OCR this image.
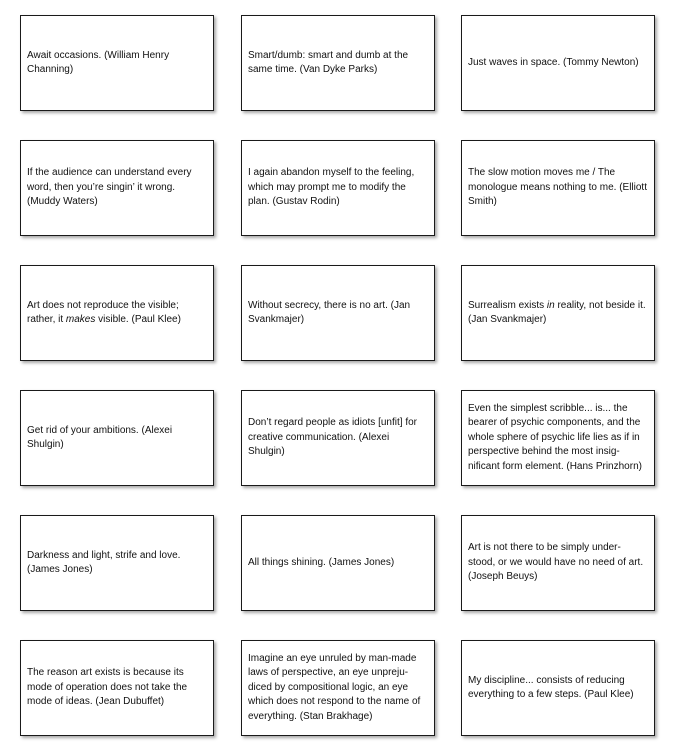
Await occasions. (William Henry Channing)

Smart/dumb: smart and dumb at the same time. (Van Dyke Parks)

Just waves in space. (Tommy Newton)

If the audience can understand every word, then you’re singin’ it wrong. (Muddy Waters)

I again abandon myself to the feeling, which may prompt me to modify the plan. (Gustav Rodin)

The slow motion moves me / The monologue means nothing to me. (Elliott Smith)

Art does not reproduce the visible; rather, it makes visible. (Paul Klee)

Without secrecy, there is no art. (Jan Svankmajer)

Surrealism exists in reality, not beside it. (Jan Svankmajer)

Get rid of your ambitions. (Alexei Shulgin)

Don’t regard people as idiots [unfit] for creative communication. (Alexei Shulgin)

Even the simplest scribble... is... the bearer of psychic components, and the whole sphere of psychic life lies as if in perspective behind the most insig-nificant form element. (Hans Prinzhorn)

Darkness and light, strife and love. (James Jones)

All things shining. (James Jones)

Art is not there to be simply under-stood, or we would have no need of art. (Joseph Beuys)

The reason art exists is because its mode of operation does not take the mode of ideas. (Jean Dubuffet)

Imagine an eye unruled by man-made laws of perspective, an eye unpreju-diced by compositional logic, an eye which does not respond to the name of everything. (Stan Brakhage)

My discipline... consists of reducing everything to a few steps. (Paul Klee)
